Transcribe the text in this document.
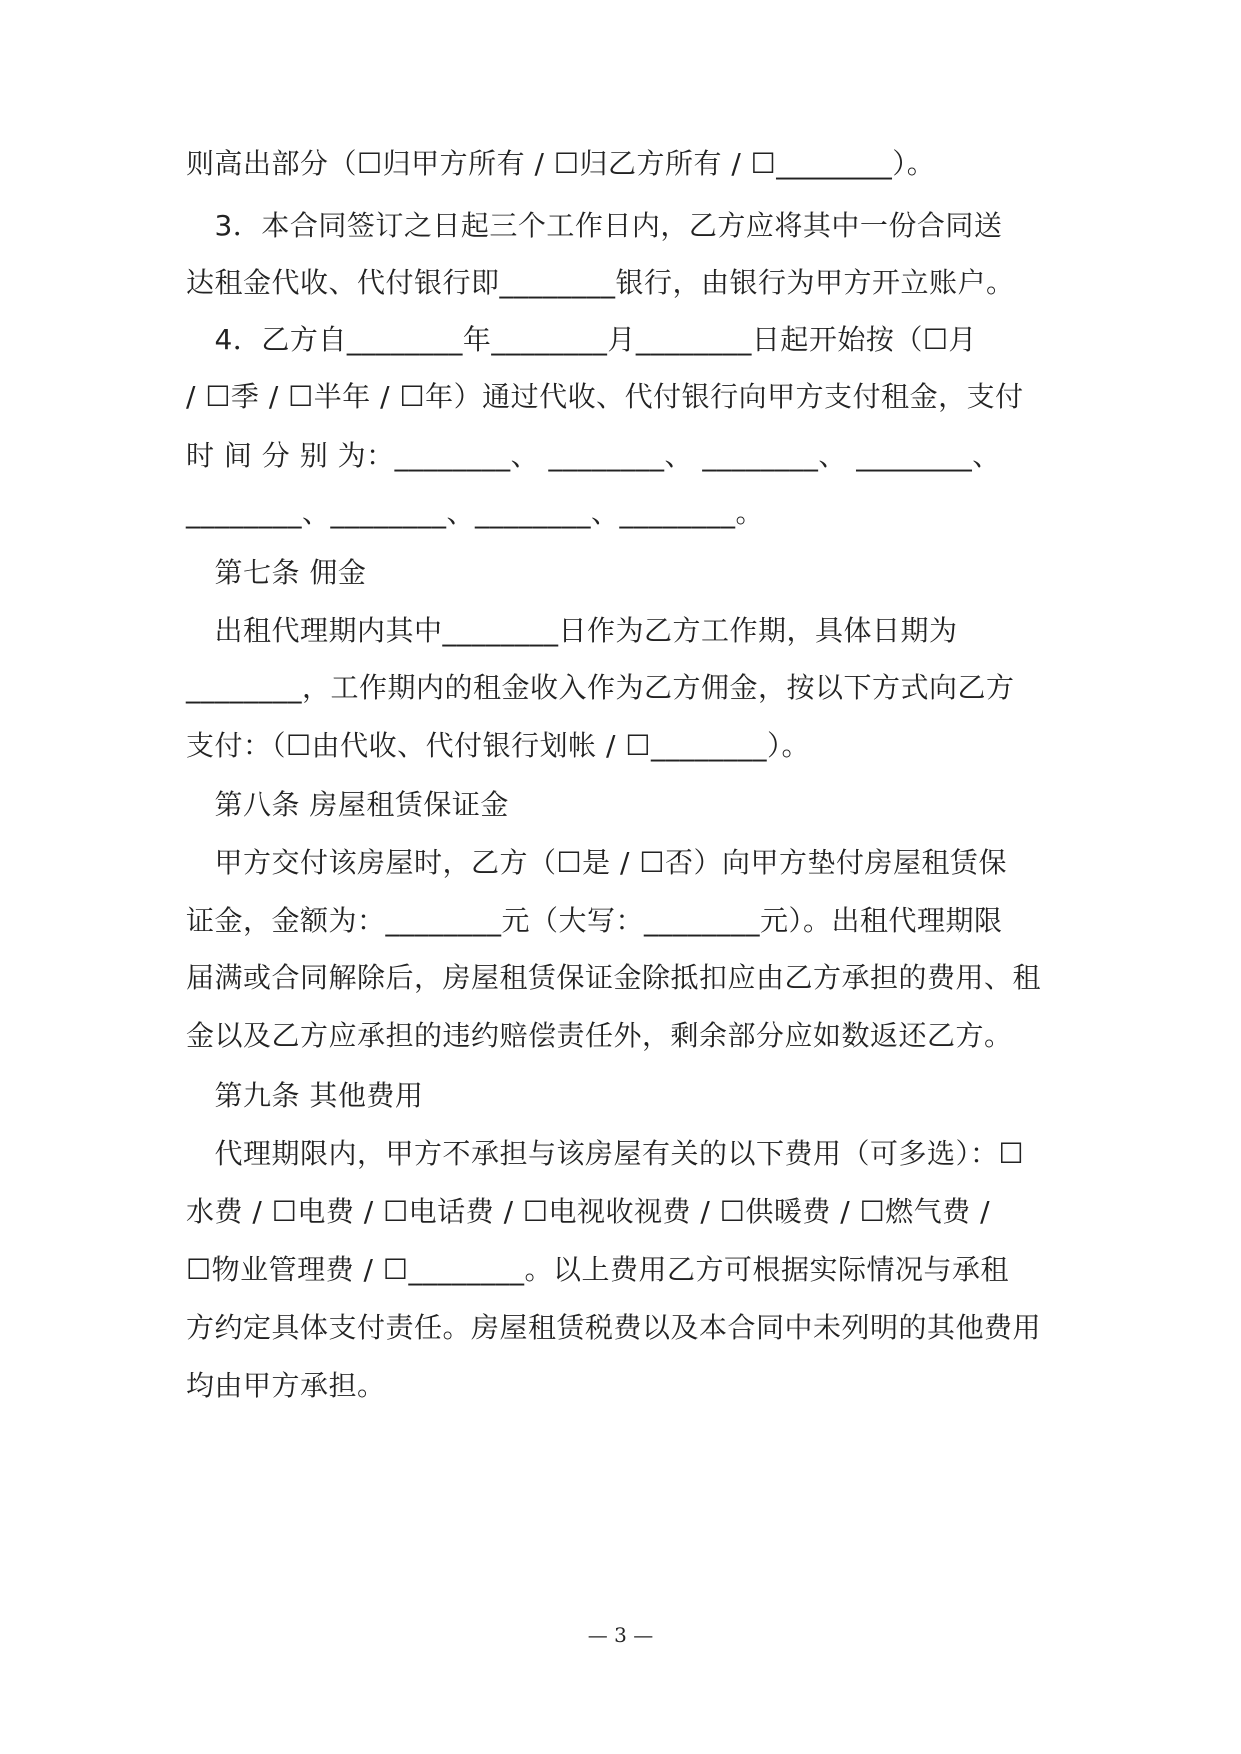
则高出部分（☐归甲方所有 / ☐归乙方所有 / ☐________）。
　3．本合同签订之日起三个工作日内，乙方应将其中一份合同送
达租金代收、代付银行即________银行，由银行为甲方开立账户。
　4．乙方自________年________月________日起开始按（☐月
/ ☐季 / ☐半年 / ☐年）通过代收、代付银行向甲方支付租金，支付
时 间 分 别 为：________、 ________、 ________、 ________、
________、________、________、________。
　第七条 佣金
　出租代理期内其中________日作为乙方工作期，具体日期为
________，工作期内的租金收入作为乙方佣金，按以下方式向乙方
支付：（☐由代收、代付银行划帐 / ☐________）。
　第八条 房屋租赁保证金
　甲方交付该房屋时，乙方（☐是 / ☐否）向甲方垫付房屋租赁保
证金，金额为：________元（大写：________元）。出租代理期限
届满或合同解除后，房屋租赁保证金除抵扣应由乙方承担的费用、租
金以及乙方应承担的违约赔偿责任外，剩余部分应如数返还乙方。
　第九条 其他费用
　代理期限内，甲方不承担与该房屋有关的以下费用（可多选）：☐
水费 / ☐电费 / ☐电话费 / ☐电视收视费 / ☐供暖费 / ☐燃气费 /
☐物业管理费 / ☐________。以上费用乙方可根据实际情况与承租
方约定具体支付责任。房屋租赁税费以及本合同中未列明的其他费用
均由甲方承担。
— 3 —
